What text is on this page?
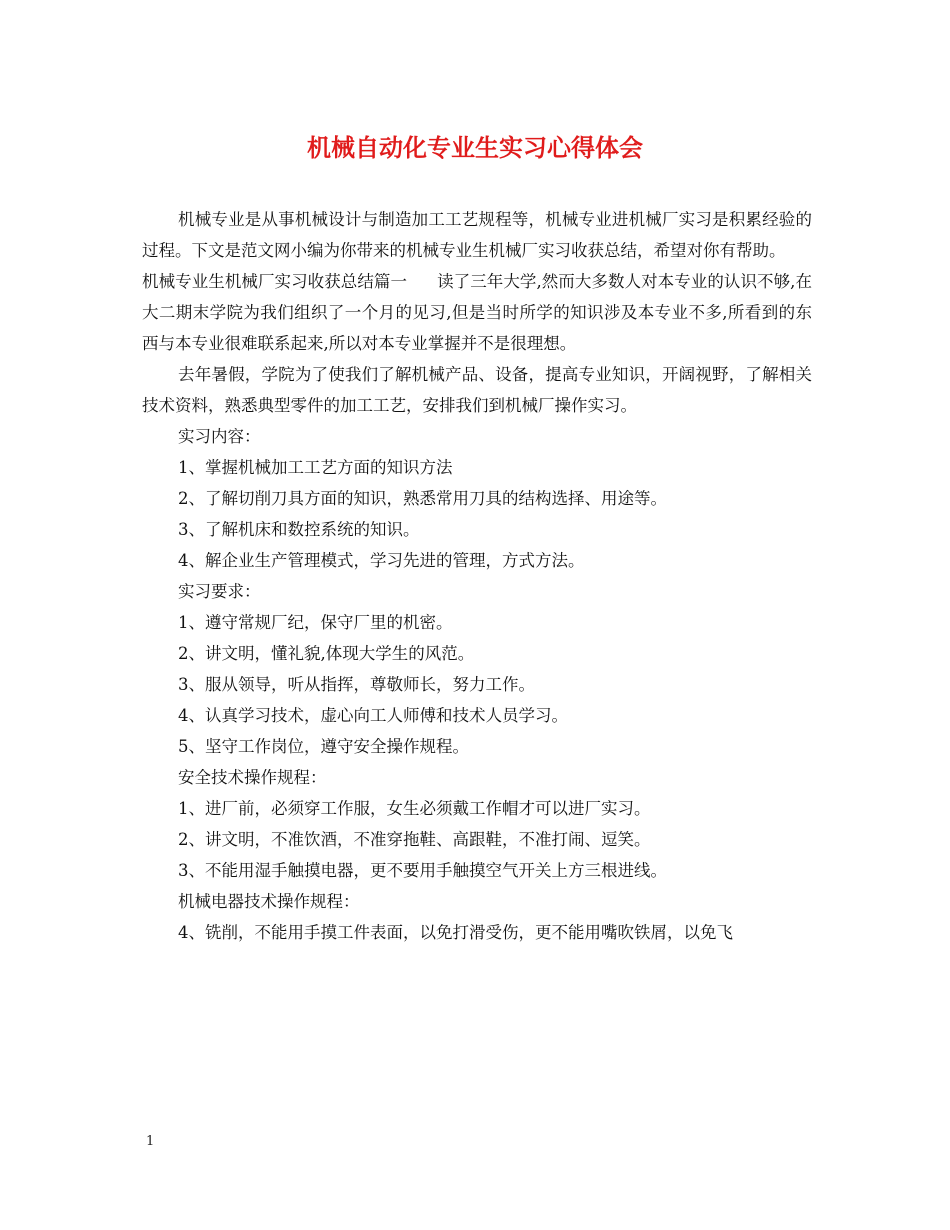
机械自动化专业生实习心得体会

机械专业是从事机械设计与制造加工工艺规程等，机械专业进机械厂实习是积累经验的过程。下文是范文网小编为你带来的机械专业生机械厂实习收获总结，希望对你有帮助。

机械专业生机械厂实习收获总结篇一 读了三年大学,然而大多数人对本专业的认识不够,在大二期末学院为我们组织了一个月的见习,但是当时所学的知识涉及本专业不多,所看到的东西与本专业很难联系起来,所以对本专业掌握并不是很理想。

去年暑假，学院为了使我们了解机械产品、设备，提高专业知识，开阔视野，了解相关技术资料，熟悉典型零件的加工工艺，安排我们到机械厂操作实习。

实习内容：

1、掌握机械加工工艺方面的知识方法

2、了解切削刀具方面的知识，熟悉常用刀具的结构选择、用途等。

3、了解机床和数控系统的知识。

4、解企业生产管理模式，学习先进的管理，方式方法。

实习要求：

1、遵守常规厂纪，保守厂里的机密。

2、讲文明，懂礼貌,体现大学生的风范。

3、服从领导，听从指挥，尊敬师长，努力工作。

4、认真学习技术，虚心向工人师傅和技术人员学习。

5、坚守工作岗位，遵守安全操作规程。

安全技术操作规程：

1、进厂前，必须穿工作服，女生必须戴工作帽才可以进厂实习。

2、讲文明，不准饮酒，不准穿拖鞋、高跟鞋，不准打闹、逗笑。

3、不能用湿手触摸电器，更不要用手触摸空气开关上方三根进线。

机械电器技术操作规程：

4、铣削，不能用手摸工件表面，以免打滑受伤，更不能用嘴吹铁屑，以免飞

1
